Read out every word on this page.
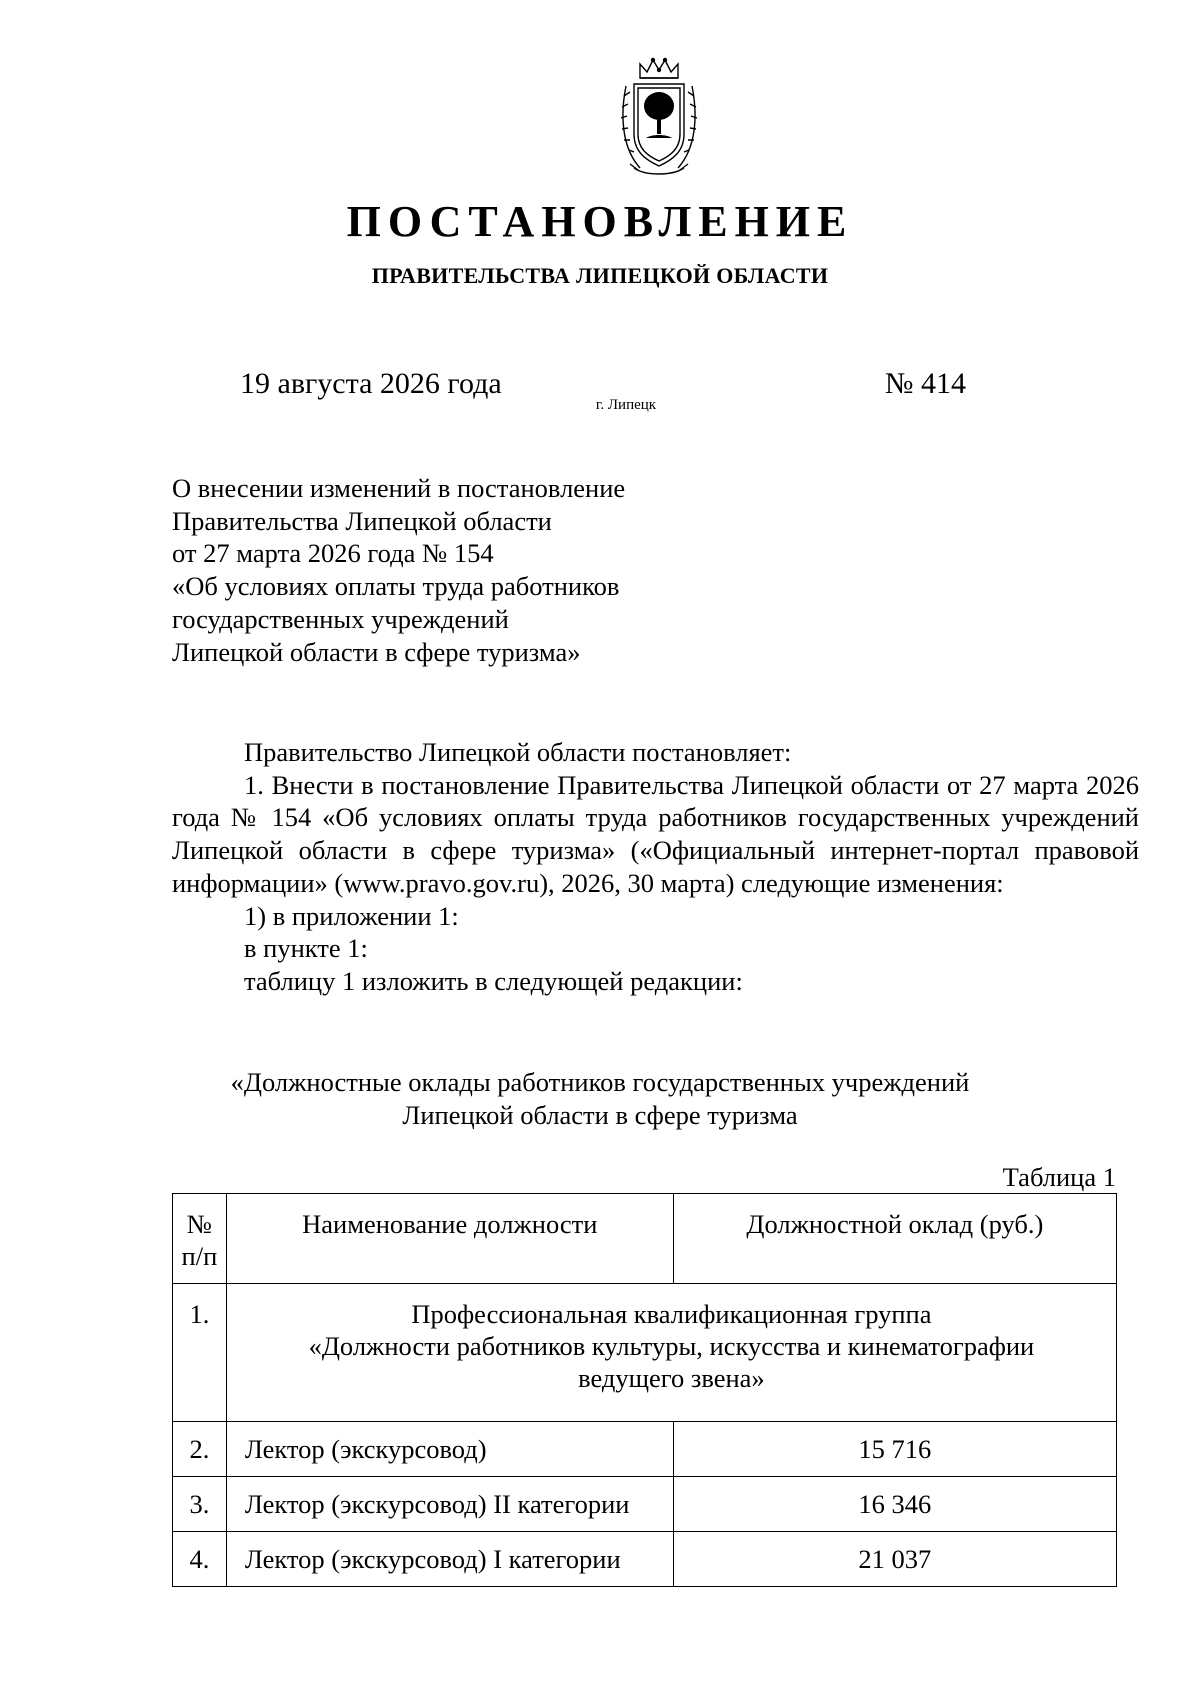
ПОСТАНОВЛЕНИЕ
ПРАВИТЕЛЬСТВА ЛИПЕЦКОЙ ОБЛАСТИ
19 августа 2026 года
г. Липецк
№ 414
О внесении изменений в постановление
Правительства Липецкой области
от 27 марта 2026 года № 154
«Об условиях оплаты труда работников
государственных учреждений
Липецкой области в сфере туризма»
Правительство Липецкой области постановляет:

1. Внести в постановление Правительства Липецкой области от 27 марта 2026 года № 154 «Об условиях оплаты труда работников государственных учреждений Липецкой области в сфере туризма» («Официальный интернет-портал правовой информации» (www.pravo.gov.ru), 2026, 30 марта) следующие изменения:

1) в приложении 1:
в пункте 1:
таблицу 1 изложить в следующей редакции:
«Должностные оклады работников государственных учреждений
Липецкой области в сфере туризма
Таблица 1
№
п/п	Наименование должности	Должностной оклад (руб.)
1.	Профессиональная квалификационная группа
«Должности работников культуры, искусства и кинематографии
ведущего звена»	

2.	Лектор (экскурсовод)	15 716
3.	Лектор (экскурсовод) II категории	16 346
4.	Лектор (экскурсовод) I категории	21 037
